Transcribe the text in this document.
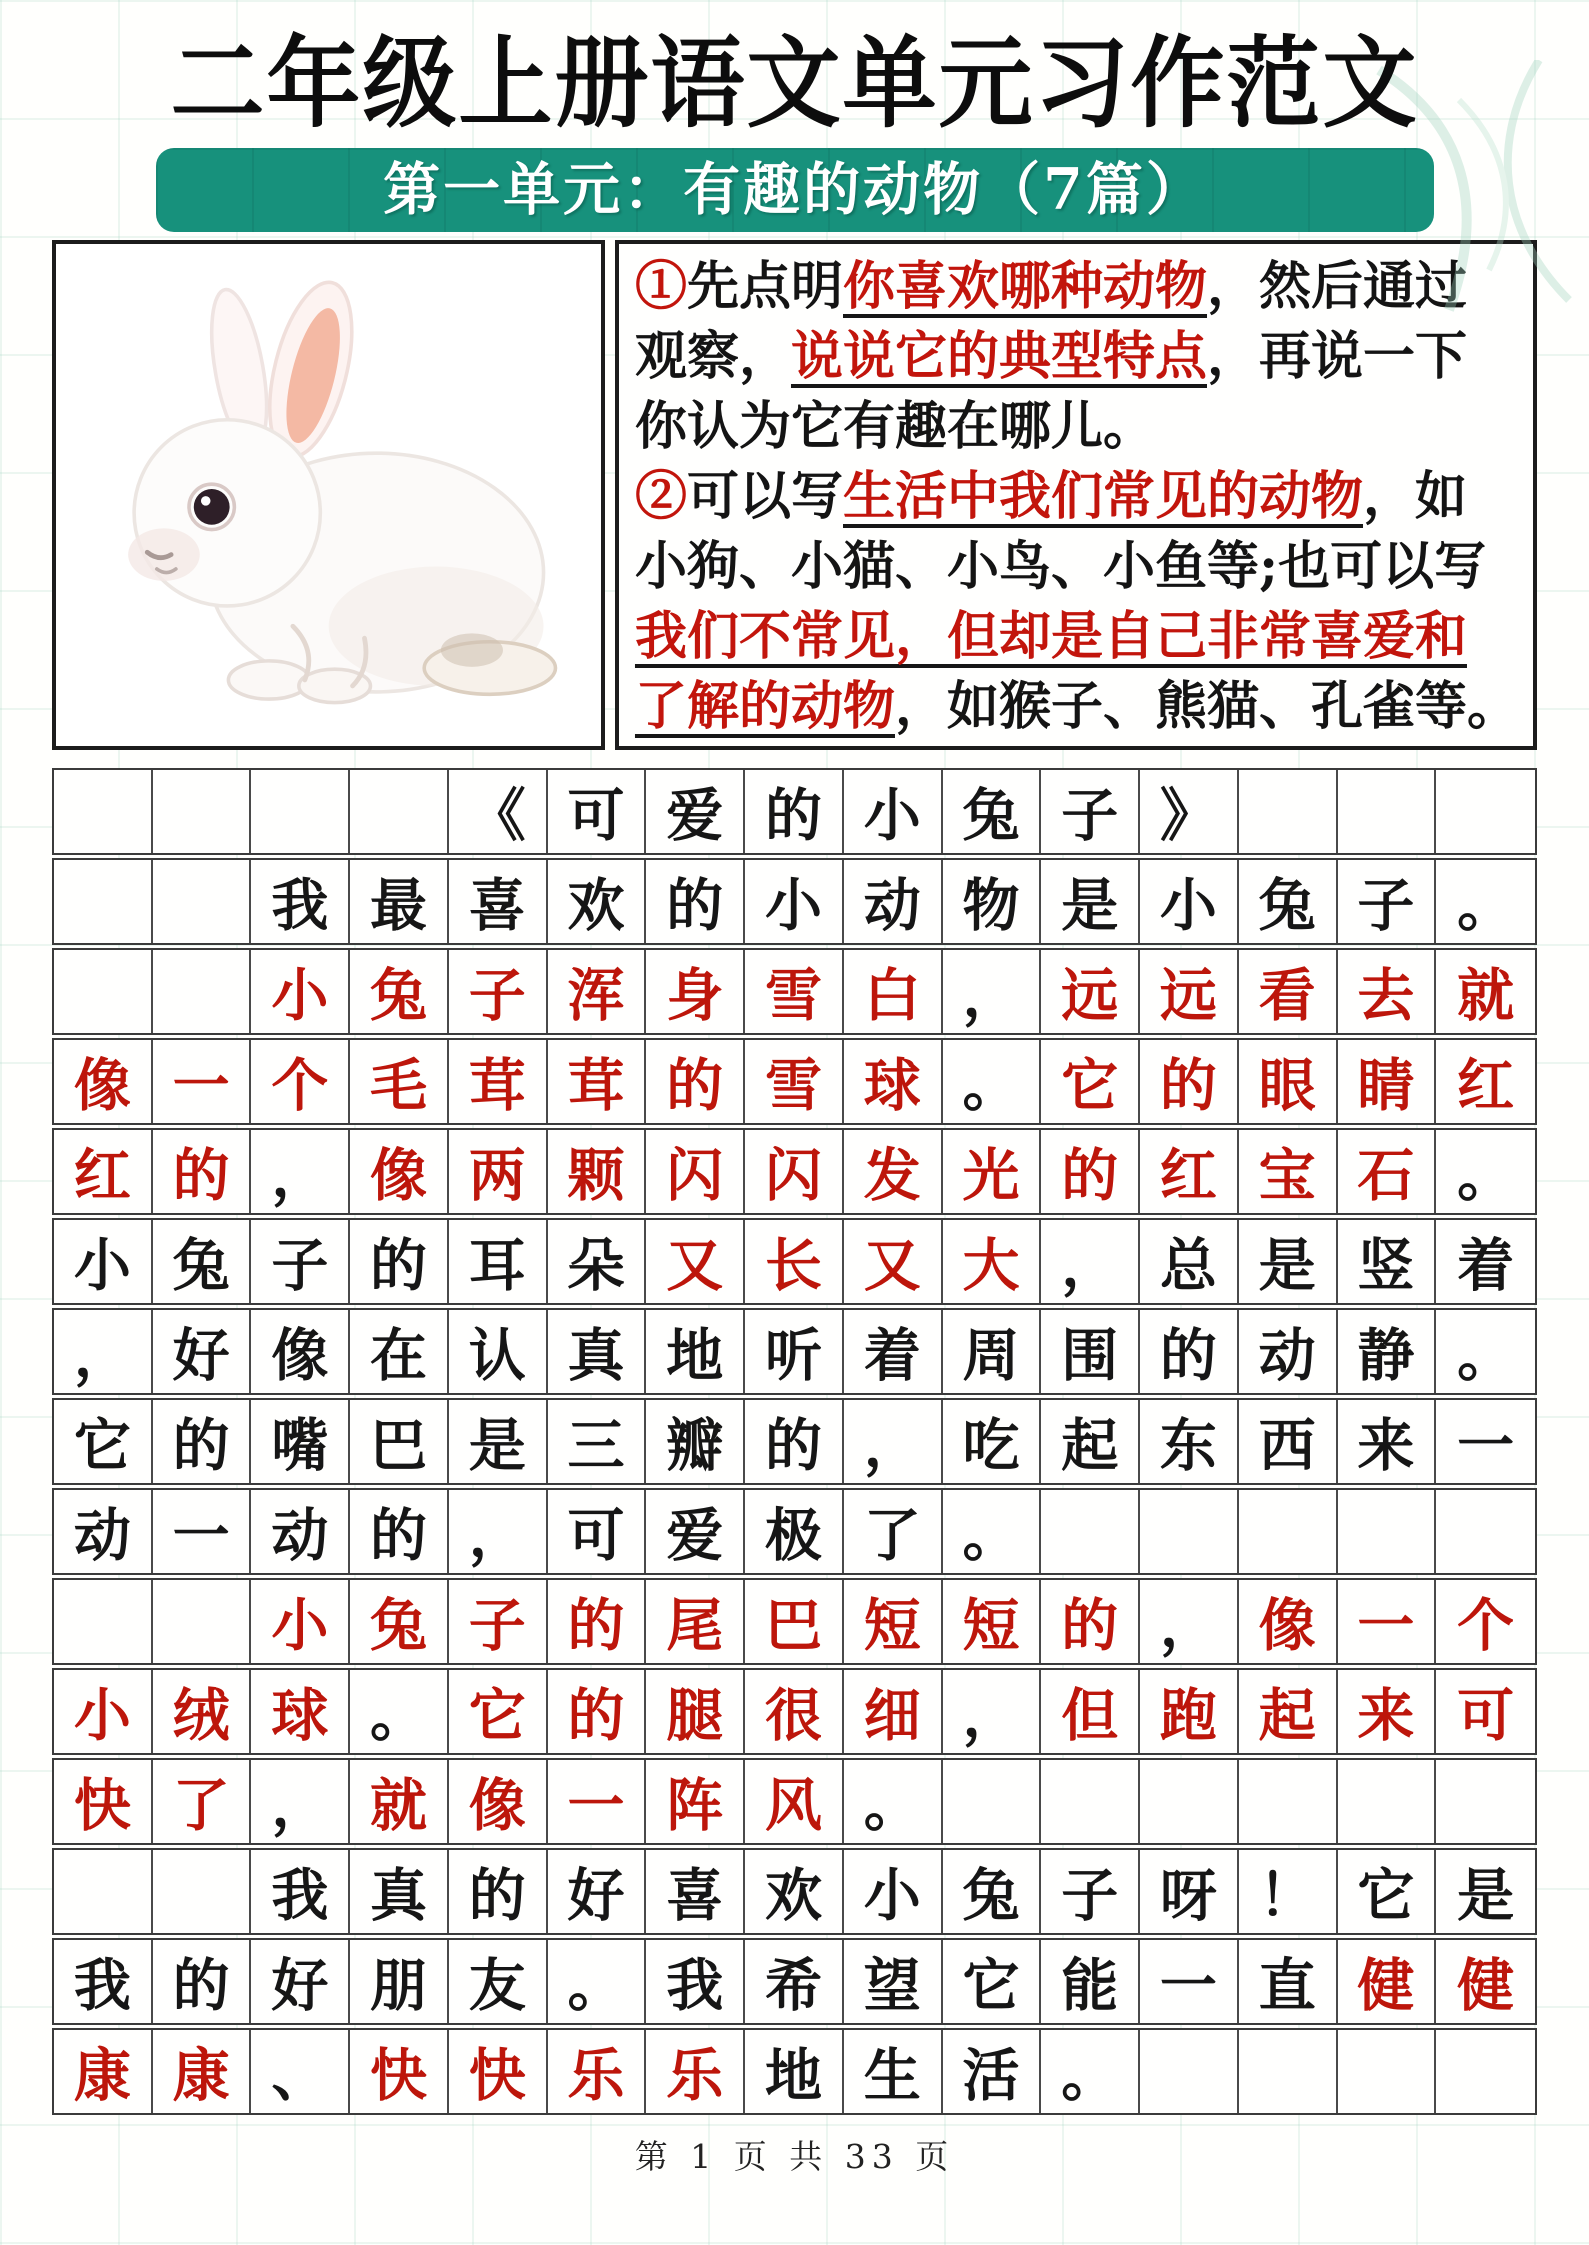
二年级上册语文单元习作范文
第一单元：有趣的动物（7篇）
①先点明你喜欢哪种动物，然后通过
观察，说说它的典型特点，再说一下
你认为它有趣在哪儿。
②可以写生活中我们常见的动物，如
小狗、小猫、小鸟、小鱼等;也可以写
我们不常见，但却是自己非常喜爱和
了解的动物，如猴子、熊猫、孔雀等。
《 可 爱 的 小 兔 子 》
我 最 喜 欢 的 小 动 物 是 小 兔 子 。
小 兔 子 浑 身 雪 白 ， 远 远 看 去 就
像 一 个 毛 茸 茸 的 雪 球 。 它 的 眼 睛 红
红 的 ， 像 两 颗 闪 闪 发 光 的 红 宝 石 。
小 兔 子 的 耳 朵 又 长 又 大 ， 总 是 竖 着
， 好 像 在 认 真 地 听 着 周 围 的 动 静 。
它 的 嘴 巴 是 三 瓣 的 ， 吃 起 东 西 来 一
动 一 动 的 ， 可 爱 极 了 。
小 兔 子 的 尾 巴 短 短 的 ， 像 一 个
小 绒 球 。 它 的 腿 很 细 ， 但 跑 起 来 可
快 了 ， 就 像 一 阵 风 。
我 真 的 好 喜 欢 小 兔 子 呀 ！ 它 是
我 的 好 朋 友 。 我 希 望 它 能 一 直 健 健
康 康 、 快 快 乐 乐 地 生 活 。
第 1 页 共 33 页
